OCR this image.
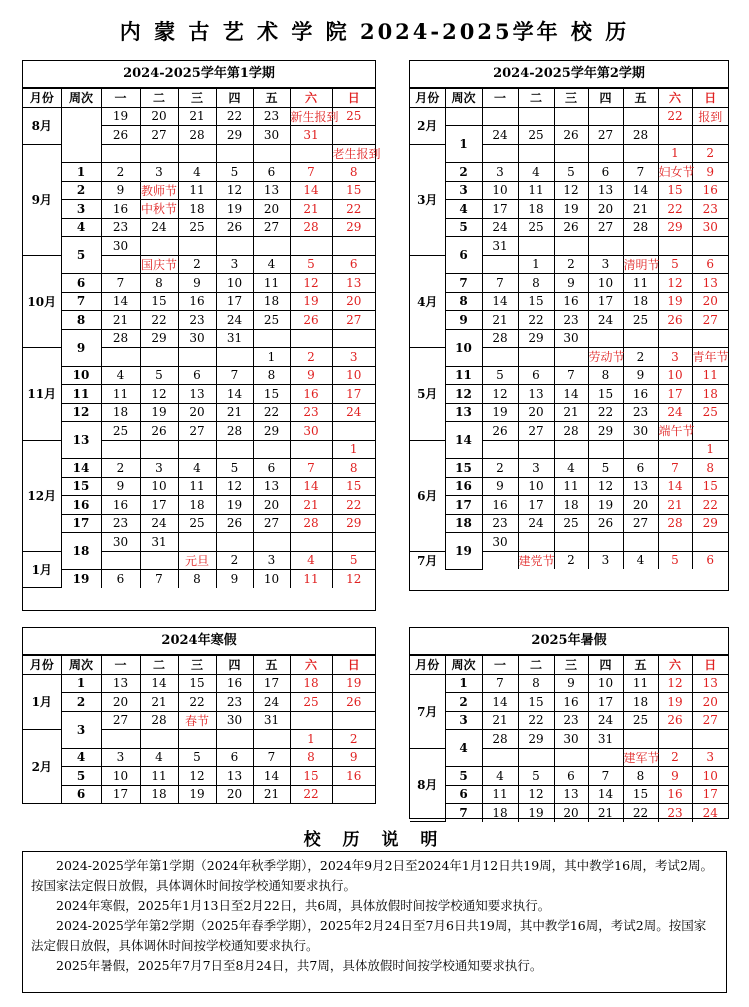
内 蒙 古 艺 术 学 院 2024-2025学年 校 历
2024-2025学年第1学期
月份	周次	一	二	三	四	五	六	日
8月		19	20	21	22	23	新生报到	25
		26	27	28	29	30	31	
9月								老生报到
	1	2	3	4	5	6	7	8
	2	9	教师节	11	12	13	14	15
	3	16	中秋节	18	19	20	21	22
	4	23	24	25	26	27	28	29
	5	30						
10月			国庆节	2	3	4	5	6
	6	7	8	9	10	11	12	13
	7	14	15	16	17	18	19	20
	8	21	22	23	24	25	26	27
	9	28	29	30	31			
11月						1	2	3
	10	4	5	6	7	8	9	10
	11	11	12	13	14	15	16	17
	12	18	19	20	21	22	23	24
	13	25	26	27	28	29	30	
12月								1
	14	2	3	4	5	6	7	8
	15	9	10	11	12	13	14	15
	16	16	17	18	19	20	21	22
	17	23	24	25	26	27	28	29
	18	30	31					
1月				元旦	2	3	4	5
	19	6	7	8	9	10	11	12
2024-2025学年第2学期
月份	周次	一	二	三	四	五	六	日
2月							22	报到
	1	24	25	26	27	28		
3月							1	2
	2	3	4	5	6	7	妇女节	9
	3	10	11	12	13	14	15	16
	4	17	18	19	20	21	22	23
	5	24	25	26	27	28	29	30
	6	31						
4月			1	2	3	清明节	5	6
	7	7	8	9	10	11	12	13
	8	14	15	16	17	18	19	20
	9	21	22	23	24	25	26	27
	10	28	29	30				
5月					劳动节	2	3	青年节
	11	5	6	7	8	9	10	11
	12	12	13	14	15	16	17	18
	13	19	20	21	22	23	24	25
	14	26	27	28	29	30	端午节	
6月								1
	15	2	3	4	5	6	7	8
	16	9	10	11	12	13	14	15
	17	16	17	18	19	20	21	22
	18	23	24	25	26	27	28	29
	19	30						
7月			建党节	2	3	4	5	6
2024年寒假
月份	周次	一	二	三	四	五	六	日
1月	1	13	14	15	16	17	18	19
	2	20	21	22	23	24	25	26
	3	27	28	春节	30	31		
2月							1	2
	4	3	4	5	6	7	8	9
	5	10	11	12	13	14	15	16
	6	17	18	19	20	21	22	
2025年暑假
月份	周次	一	二	三	四	五	六	日
7月	1	7	8	9	10	11	12	13
	2	14	15	16	17	18	19	20
	3	21	22	23	24	25	26	27
	4	28	29	30	31			
8月						建军节	2	3
	5	4	5	6	7	8	9	10
	6	11	12	13	14	15	16	17
	7	18	19	20	21	22	23	24
校 历 说 明

2024-2025学年第1学期（2024年秋季学期），2024年9月2日至2024年1月12日共19周，其中教学16周，考试2周。按国家法定假日放假，具体调休时间按学校通知要求执行。

2024年寒假，2025年1月13日至2月22日，共6周，具体放假时间按学校通知要求执行。

2024-2025学年第2学期（2025年春季学期），2025年2月24日至7月6日共19周，其中教学16周，考试2周。按国家法定假日放假，具体调休时间按学校通知要求执行。

2025年暑假，2025年7月7日至8月24日，共7周，具体放假时间按学校通知要求执行。
